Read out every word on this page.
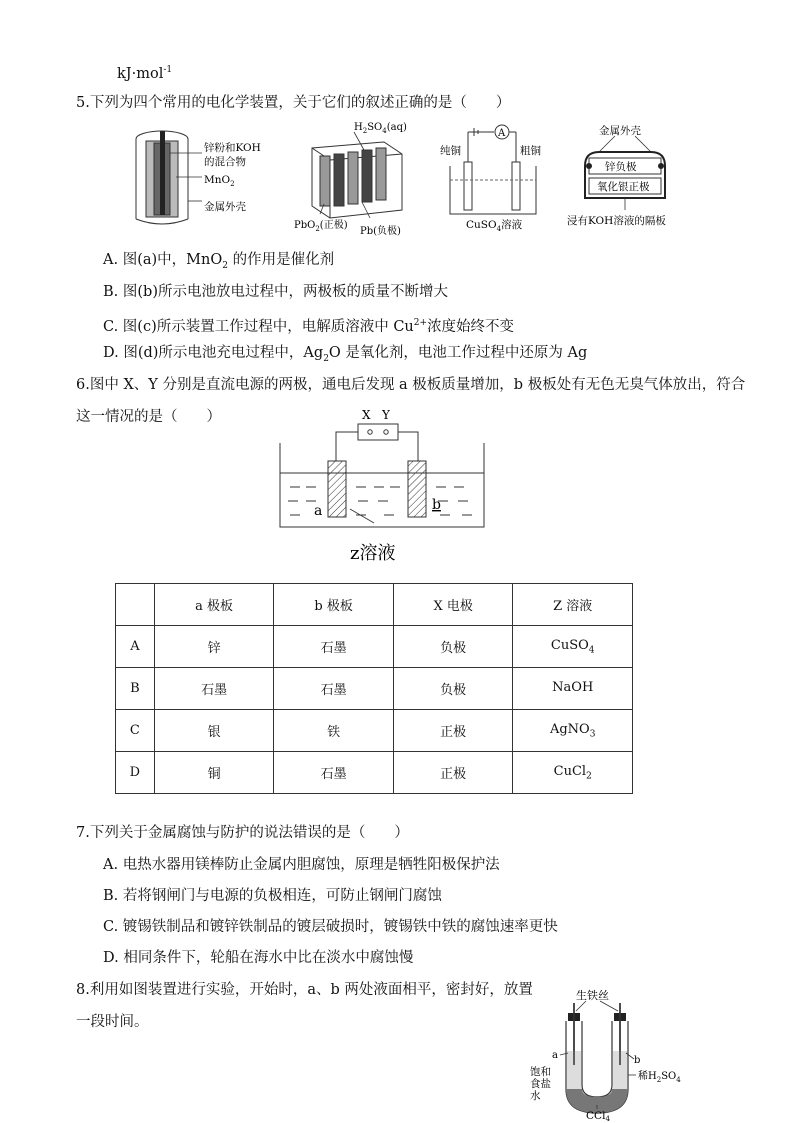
kJ·mol$^{-1}$
5.下列为四个常用的电化学装置，关于它们的叙述正确的是（　　）
锌粉和KOH
的混合物
MnO$_2$
金属外壳
$H_2SO_4(aq)$
PbO$_2$(正极)
Pb(负极)
A
纯铜	粗铜
CuSO$_4$溶液
金属外壳
锌负极
氧化银正极
浸有KOH溶液的隔板
A. 图(a)中，MnO$_2$ 的作用是催化剂
B. 图(b)所示电池放电过程中，两极板的质量不断增大
C. 图(c)所示装置工作过程中，电解质溶液中 $Cu^{2+}$浓度始终不变
D. 图(d)所示电池充电过程中，$Ag_2O$ 是氧化剂，电池工作过程中还原为 Ag
6.图中 X、Y 分别是直流电源的两极，通电后发现 a 极板质量增加，b 极板处有无色无臭气体放出，符合
这一情况的是（　　）	X Y
a	b
z溶液
	a 极板	b 极板	X 电极	Z 溶液
A	锌	石墨	负极	CuSO$_4$
B	石墨	石墨	负极	NaOH
C	银	铁	正极	AgNO$_3$
D	铜	石墨	正极	CuCl$_2$
7.下列关于金属腐蚀与防护的说法错误的是（　　）
A. 电热水器用镁棒防止金属内胆腐蚀，原理是牺牲阳极保护法
B. 若将钢闸门与电源的负极相连，可防止钢闸门腐蚀
C. 镀锡铁制品和镀锌铁制品的镀层破损时，镀锡铁中铁的腐蚀速率更快
D. 相同条件下，轮船在海水中比在淡水中腐蚀慢
8.利用如图装置进行实验，开始时，a、b 两处液面相平，密封好，放置
一段时间。
生铁丝
a	b
饱和
食盐
水
稀$H_2SO_4$
CCl4
